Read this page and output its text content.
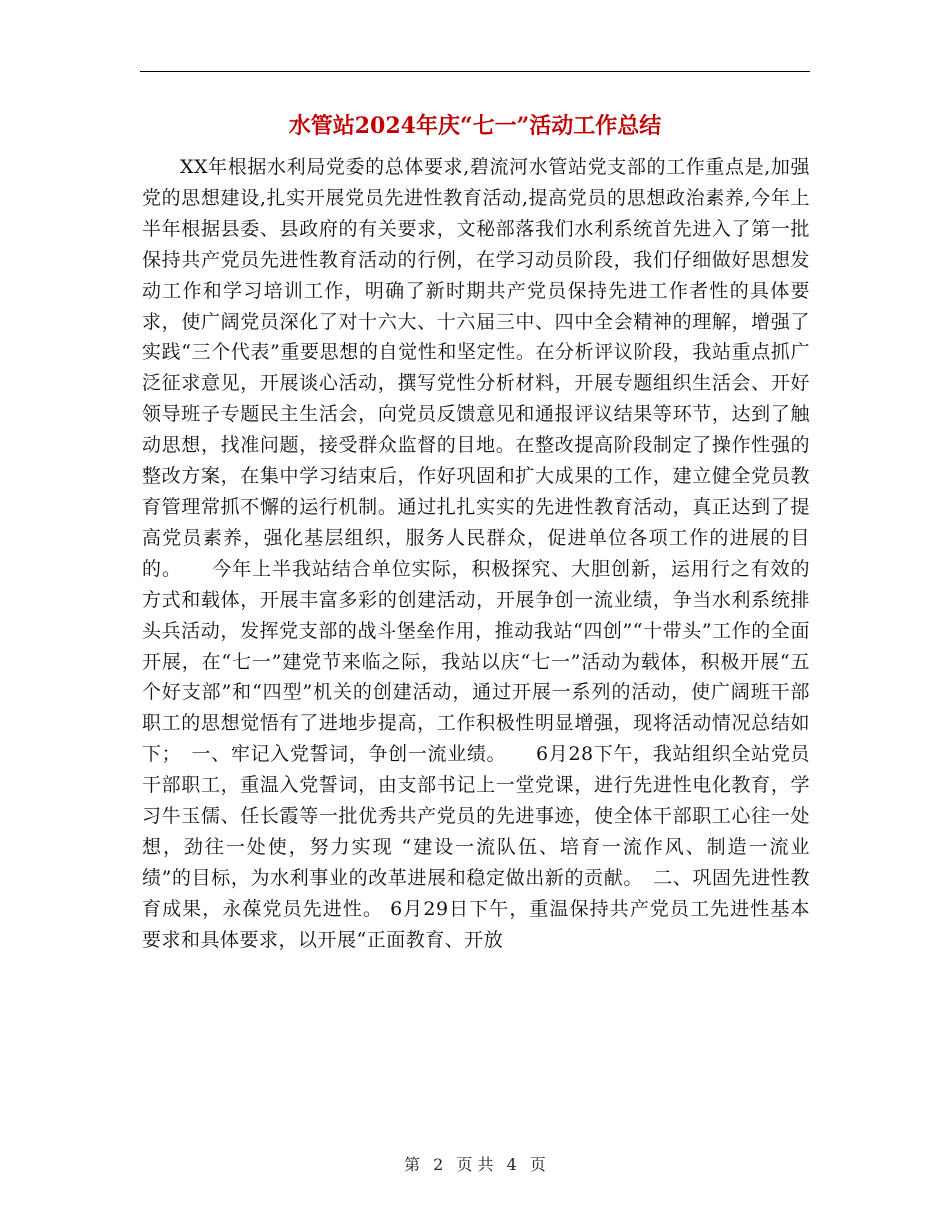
水管站2024年庆“七一”活动工作总结

XX年根据水利局党委的总体要求,碧流河水管站党支部的工作重点是,加强党的思想建设,扎实开展党员先进性教育活动,提高党员的思想政治素养,今年上半年根据县委、县政府的有关要求，文秘部落我们水利系统首先进入了第一批保持共产党员先进性教育活动的行例，在学习动员阶段，我们仔细做好思想发动工作和学习培训工作，明确了新时期共产党员保持先进工作者性的具体要求，使广阔党员深化了对十六大、十六届三中、四中全会精神的理解，增强了实践“三个代表”重要思想的自觉性和坚定性。在分析评议阶段，我站重点抓广泛征求意见，开展谈心活动，撰写党性分析材料，开展专题组织生活会、开好领导班子专题民主生活会，向党员反馈意见和通报评议结果等环节，达到了触动思想，找准问题，接受群众监督的目地。在整改提高阶段制定了操作性强的整改方案，在集中学习结束后，作好巩固和扩大成果的工作，建立健全党员教育管理常抓不懈的运行机制。通过扎扎实实的先进性教育活动，真正达到了提高党员素养，强化基层组织，服务人民群众，促进单位各项工作的进展的目的。　　今年上半我站结合单位实际，积极探究、大胆创新，运用行之有效的方式和载体，开展丰富多彩的创建活动，开展争创一流业绩，争当水利系统排头兵活动，发挥党支部的战斗堡垒作用，推动我站“四创”“十带头”工作的全面开展，在“七一”建党节来临之际，我站以庆“七一”活动为载体，积极开展“五个好支部”和“四型”机关的创建活动，通过开展一系列的活动，使广阔班干部职工的思想觉悟有了进地步提高，工作积极性明显增强，现将活动情况总结如下；　一、牢记入党誓词，争创一流业绩。　　6月28下午，我站组织全站党员干部职工，重温入党誓词，由支部书记上一堂党课，进行先进性电化教育，学习牛玉儒、任长霞等一批优秀共产党员的先进事迹，使全体干部职工心往一处想，劲往一处使，努力实现 “建设一流队伍、培育一流作风、制造一流业绩”的目标，为水利事业的改革进展和稳定做出新的贡献。　二、巩固先进性教育成果，永葆党员先进性。 6月29日下午，重温保持共产党员工先进性基本要求和具体要求，以开展“正面教育、开放

第 2 页 共 4 页
